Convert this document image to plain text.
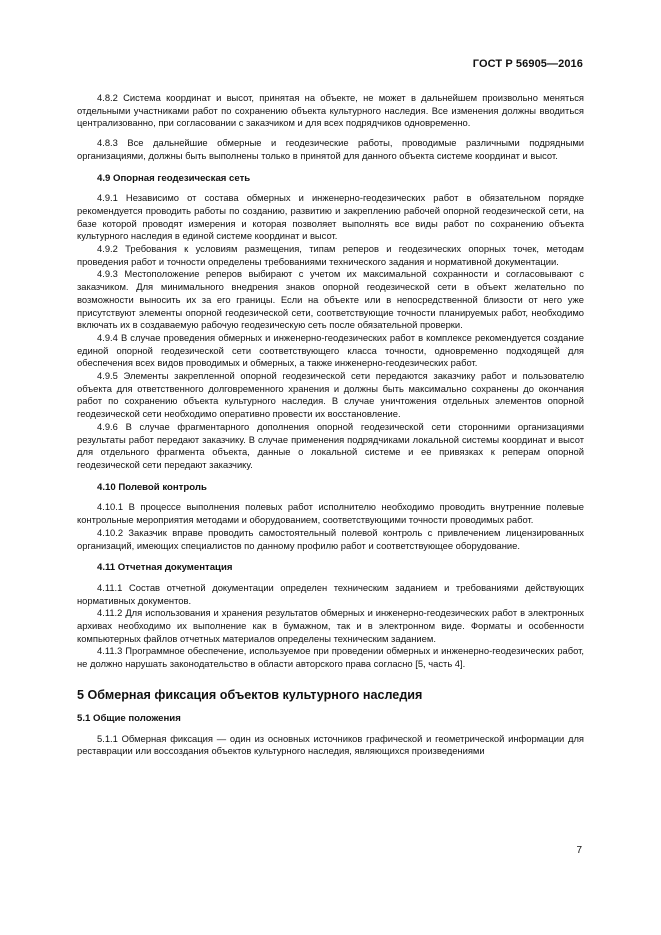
ГОСТ Р 56905—2016

4.8.2 Система координат и высот, принятая на объекте, не может в дальнейшем произвольно меняться отдельными участниками работ по сохранению объекта культурного наследия. Все изменения должны вводиться централизованно, при согласовании с заказчиком и для всех подрядчиков одновременно.

4.8.3 Все дальнейшие обмерные и геодезические работы, проводимые различными подрядными организациями, должны быть выполнены только в принятой для данного объекта системе координат и высот.

4.9 Опорная геодезическая сеть

4.9.1 Независимо от состава обмерных и инженерно-геодезических работ в обязательном порядке рекомендуется проводить работы по созданию, развитию и закреплению рабочей опорной геодезической сети, на базе которой проводят измерения и которая позволяет выполнять все виды работ по сохранению объекта культурного наследия в единой системе координат и высот.

4.9.2 Требования к условиям размещения, типам реперов и геодезических опорных точек, методам проведения работ и точности определены требованиями технического задания и нормативной документации.

4.9.3 Местоположение реперов выбирают с учетом их максимальной сохранности и согласовывают с заказчиком. Для минимального внедрения знаков опорной геодезической сети в объект желательно по возможности выносить их за его границы. Если на объекте или в непосредственной близости от него уже присутствуют элементы опорной геодезической сети, соответствующие точности планируемых работ, необходимо включать их в создаваемую рабочую геодезическую сеть после обязательной проверки.

4.9.4 В случае проведения обмерных и инженерно-геодезических работ в комплексе рекомендуется создание единой опорной геодезической сети соответствующего класса точности, одновременно подходящей для обеспечения всех видов проводимых и обмерных, а также инженерно-геодезических работ.

4.9.5 Элементы закрепленной опорной геодезической сети передаются заказчику работ и пользователю объекта для ответственного долговременного хранения и должны быть максимально сохранены до окончания работ по сохранению объекта культурного наследия. В случае уничтожения отдельных элементов опорной геодезической сети необходимо оперативно провести их восстановление.

4.9.6 В случае фрагментарного дополнения опорной геодезической сети сторонними организациями результаты работ передают заказчику. В случае применения подрядчиками локальной системы координат и высот для отдельного фрагмента объекта, данные о локальной системе и ее привязках к реперам опорной геодезической сети передают заказчику.

4.10 Полевой контроль

4.10.1 В процессе выполнения полевых работ исполнителю необходимо проводить внутренние полевые контрольные мероприятия методами и оборудованием, соответствующими точности проводимых работ.

4.10.2 Заказчик вправе проводить самостоятельный полевой контроль с привлечением лицензированных организаций, имеющих специалистов по данному профилю работ и соответствующее оборудование.

4.11 Отчетная документация

4.11.1 Состав отчетной документации определен техническим заданием и требованиями действующих нормативных документов.

4.11.2 Для использования и хранения результатов обмерных и инженерно-геодезических работ в электронных архивах необходимо их выполнение как в бумажном, так и в электронном виде. Форматы и особенности компьютерных файлов отчетных материалов определены техническим заданием.

4.11.3 Программное обеспечение, используемое при проведении обмерных и инженерно-геодезических работ, не должно нарушать законодательство в области авторского права согласно [5, часть 4].

5 Обмерная фиксация объектов культурного наследия
5.1 Общие положения

5.1.1 Обмерная фиксация — один из основных источников графической и геометрической информации для реставрации или воссоздания объектов культурного наследия, являющихся произведениями

7
